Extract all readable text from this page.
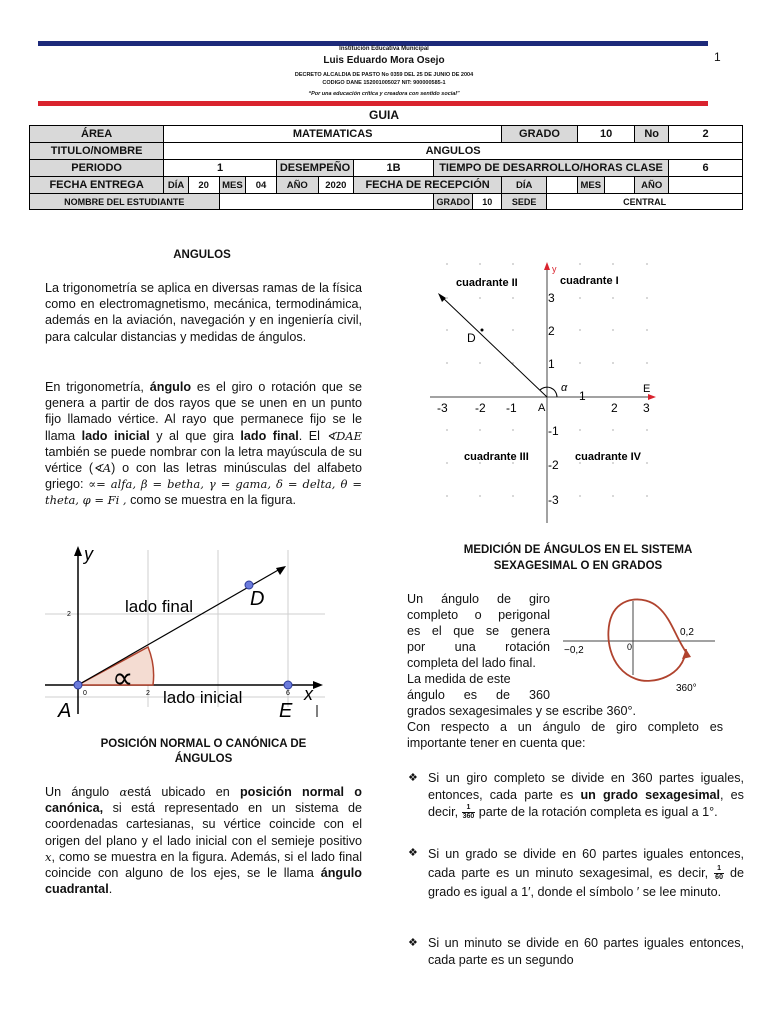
1
Institución Educativa Municipal
Luis Eduardo Mora Osejo
DECRETO ALCALDIA DE PASTO No 0359 DEL 25 DE JUNIO DE 2004
CODIGO DANE 152001005027 NIT: 900000585-1
“Por una educación crítica y creadora con sentido social”
GUIA
ÁREA	MATEMATICAS									GRADO		10		No	2
TITULO/NOMBRE	ANGULOS														
PERIODO	1				DESEMPEÑO		1B	TIEMPO DE DESARROLLO/HORAS CLASE							6
FECHA ENTREGA	DÍA	20	MES	04	AÑO	2020	FECHA DE RECEPCIÓN			DÍA		MES		AÑO	
NOMBRE DEL ESTUDIANTE								GRADO	10	SEDE	CENTRAL				
ANGULOS
La trigonometría se aplica en diversas ramas de la física como en electromagnetismo, mecánica, termodinámica, además en la aviación, navegación y en ingeniería civil, para calcular distancias y medidas de ángulos.
En trigonometría, ángulo es el giro o rotación que se genera a partir de dos rayos que se unen en un punto fijo llamado vértice. Al rayo que permanece fijo se le llama lado inicial y al que gira lado final. El ∢DAE también se puede nombrar con la letra mayúscula de su vértice (∢A) o con las letras minúsculas del alfabeto griego: ∝= alfa, β = betha, γ = gama, δ = delta, θ = theta, φ = Fi , como se muestra en la figura.
y
x
lado final
lado inicial
D
A	E
∝
0	2	6
2
POSICIÓN NORMAL O CANÓNICA DE
ÁNGULOS
Un ángulo αestá ubicado en posición normal o canónica, si está representado en un sistema de coordenadas cartesianas, su vértice coincide con el origen del plano y el lado inicial con el semieje positivo x, como se muestra en la figura. Además, si el lado final coincide con alguno de los ejes, se le llama ángulo cuadrantal.
cuadrante II	cuadrante I
cuadrante III	cuadrante IV
y
D
A
E
α
-3 -2 -1
1
2 3
3
2
1
-1
-2
-3
MEDICIÓN DE ÁNGULOS EN EL SISTEMA
SEXAGESIMAL O EN GRADOS
Un ángulo de giro
completo o perigonal
es el que se genera
por una rotación
completa del lado final.
La medida de este
ángulo es de 360
grados sexagesimales y se escribe 360°.
Con respecto a un ángulo de giro completo es importante tener en cuenta que:
−0,2	0
0,2
360°
❖ Si un giro completo se divide en 360 partes iguales, entonces, cada parte es un grado sexagesimal, es decir, $\frac{1}{360}$ parte de la rotación completa es igual a 1°.
❖ Si un grado se divide en 60 partes iguales entonces, cada parte es un minuto sexagesimal, es decir, $\frac{1}{60}$ de grado es igual a 1′, donde el símbolo ′ se lee minuto.
❖ Si un minuto se divide en 60 partes iguales entonces, cada parte es un segundo
